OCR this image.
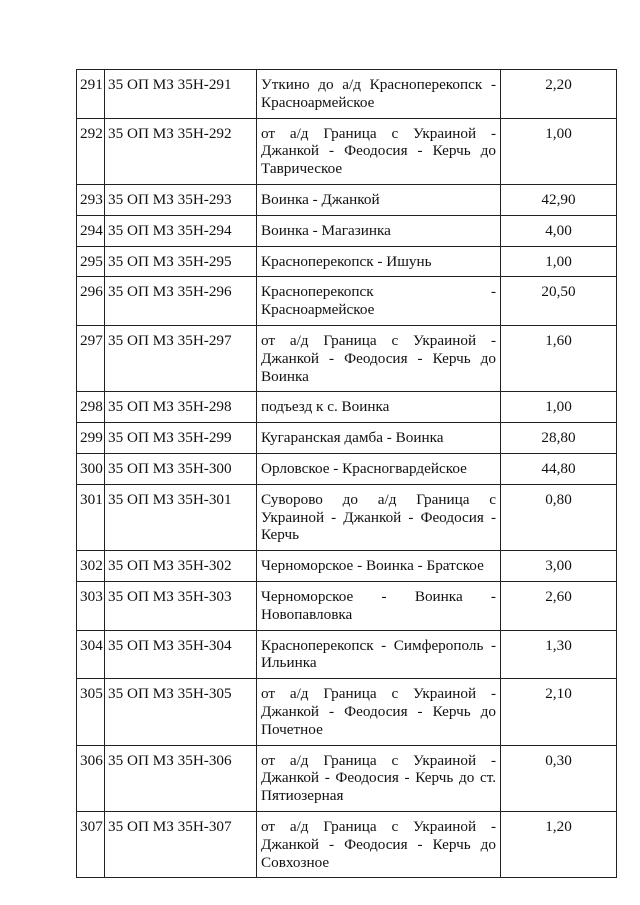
291	35 ОП МЗ 35Н-291	Уткино до а/д Красноперекопск -
Красноармейское	2,20
292	35 ОП МЗ 35Н-292	от а/д Граница с Украиной -
Джанкой - Феодосия - Керчь до
Таврическое	1,00
293	35 ОП МЗ 35Н-293	Воинка - Джанкой	42,90
294	35 ОП МЗ 35Н-294	Воинка - Магазинка	4,00
295	35 ОП МЗ 35Н-295	Красноперекопск - Ишунь	1,00
296	35 ОП МЗ 35Н-296	Красноперекопск -
Красноармейское	20,50
297	35 ОП МЗ 35Н-297	от а/д Граница с Украиной -
Джанкой - Феодосия - Керчь до
Воинка	1,60
298	35 ОП МЗ 35Н-298	подъезд к с. Воинка	1,00
299	35 ОП МЗ 35Н-299	Кугаранская дамба - Воинка	28,80
300	35 ОП МЗ 35Н-300	Орловское - Красногвардейское	44,80
301	35 ОП МЗ 35Н-301	Суворово до а/д Граница с
Украиной - Джанкой - Феодосия -
Керчь	0,80
302	35 ОП МЗ 35Н-302	Черноморское - Воинка - Братское	3,00
303	35 ОП МЗ 35Н-303	Черноморское - Воинка -
Новопавловка	2,60
304	35 ОП МЗ 35Н-304	Красноперекопск - Симферополь -
Ильинка	1,30
305	35 ОП МЗ 35Н-305	от а/д Граница с Украиной -
Джанкой - Феодосия - Керчь до
Почетное	2,10
306	35 ОП МЗ 35Н-306	от а/д Граница с Украиной -
Джанкой - Феодосия - Керчь до ст.
Пятиозерная	0,30
307	35 ОП МЗ 35Н-307	от а/д Граница с Украиной -
Джанкой - Феодосия - Керчь до
Совхозное	1,20
